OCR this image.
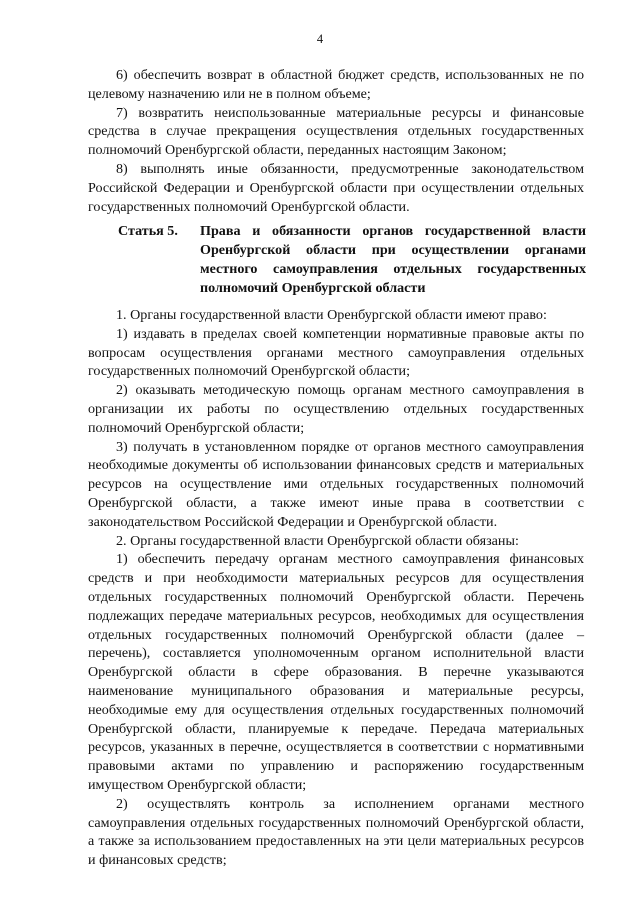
4

6) обеспечить возврат в областной бюджет средств, использованных не по целевому назначению или не в полном объеме;

7) возвратить неиспользованные материальные ресурсы и финансовые средства в случае прекращения осуществления отдельных государственных полномочий Оренбургской области, переданных настоящим Законом;

8) выполнять иные обязанности, предусмотренные законодательством Российской Федерации и Оренбургской области при осуществлении отдельных государственных полномочий Оренбургской области.

Статья 5.	Права и обязанности органов государственной власти Оренбургской области при осуществлении органами местного самоуправления отдельных государственных полномочий Оренбургской области

1. Органы государственной власти Оренбургской области имеют право:

1) издавать в пределах своей компетенции нормативные правовые акты по вопросам осуществления органами местного самоуправления отдельных государственных полномочий Оренбургской области;

2) оказывать методическую помощь органам местного самоуправления в организации их работы по осуществлению отдельных государственных полномочий Оренбургской области;

3) получать в установленном порядке от органов местного самоуправления необходимые документы об использовании финансовых средств и материальных ресурсов на осуществление ими отдельных государственных полномочий Оренбургской области, а также имеют иные права в соответствии с законодательством Российской Федерации и Оренбургской области.

2. Органы государственной власти Оренбургской области обязаны:

1) обеспечить передачу органам местного самоуправления финансовых средств и при необходимости материальных ресурсов для осуществления отдельных государственных полномочий Оренбургской области. Перечень подлежащих передаче материальных ресурсов, необходимых для осуществления отдельных государственных полномочий Оренбургской области (далее – перечень), составляется уполномоченным органом исполнительной власти Оренбургской области в сфере образования. В перечне указываются наименование муниципального образования и материальные ресурсы, необходимые ему для осуществления отдельных государственных полномочий Оренбургской области, планируемые к передаче. Передача материальных ресурсов, указанных в перечне, осуществляется в соответствии с нормативными правовыми актами по управлению и распоряжению государственным имуществом Оренбургской области;

2) осуществлять контроль за исполнением органами местного самоуправления отдельных государственных полномочий Оренбургской области, а также за использованием предоставленных на эти цели материальных ресурсов и финансовых средств;
